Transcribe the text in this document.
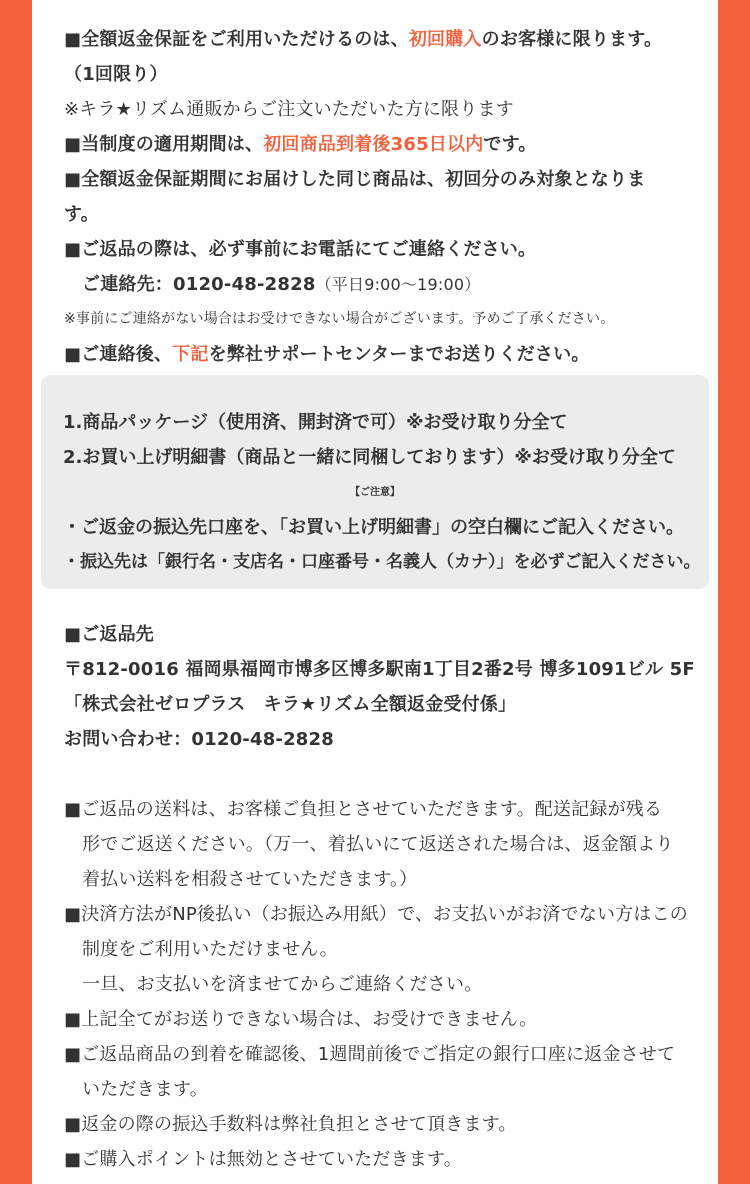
■全額返金保証をご利用いただけるのは、初回購入のお客様に限ります。
（1回限り）
※キラ★リズム通販からご注文いただいた方に限ります
■当制度の適用期間は、初回商品到着後365日以内です。
■全額返金保証期間にお届けした同じ商品は、初回分のみ対象となりま
す。
■ご返品の際は、必ず事前にお電話にてご連絡ください。
ご連絡先：0120-48-2828（平日9:00〜19:00）
※事前にご連絡がない場合はお受けできない場合がございます。予めご了承ください。
■ご連絡後、下記を弊社サポートセンターまでお送りください。
■ご返品先
〒812-0016 福岡県福岡市博多区博多駅南1丁目2番2号 博多1091ビル 5F
「株式会社ゼロプラス　キラ★リズム全額返金受付係」
お問い合わせ：0120-48-2828
■ご返品の送料は、お客様ご負担とさせていただきます。配送記録が残る
形でご返送ください。（万一、着払いにて返送された場合は、返金額より
着払い送料を相殺させていただきます。）
■決済方法がNP後払い（お振込み用紙）で、お支払いがお済でない方はこの
制度をご利用いただけません。
一旦、お支払いを済ませてからご連絡ください。
■上記全てがお送りできない場合は、お受けできません。
■ご返品商品の到着を確認後、1週間前後でご指定の銀行口座に返金させて
いただきます。
■返金の際の振込手数料は弊社負担とさせて頂きます。
■ご購入ポイントは無効とさせていただきます。
1.商品パッケージ（使用済、開封済で可）※お受け取り分全て
2.お買い上げ明細書（商品と一緒に同梱しております）※お受け取り分全て
【ご注意】
・ご返金の振込先口座を、「お買い上げ明細書」の空白欄にご記入ください。
・振込先は「銀行名・支店名・口座番号・名義人（カナ）」を必ずご記入ください。
